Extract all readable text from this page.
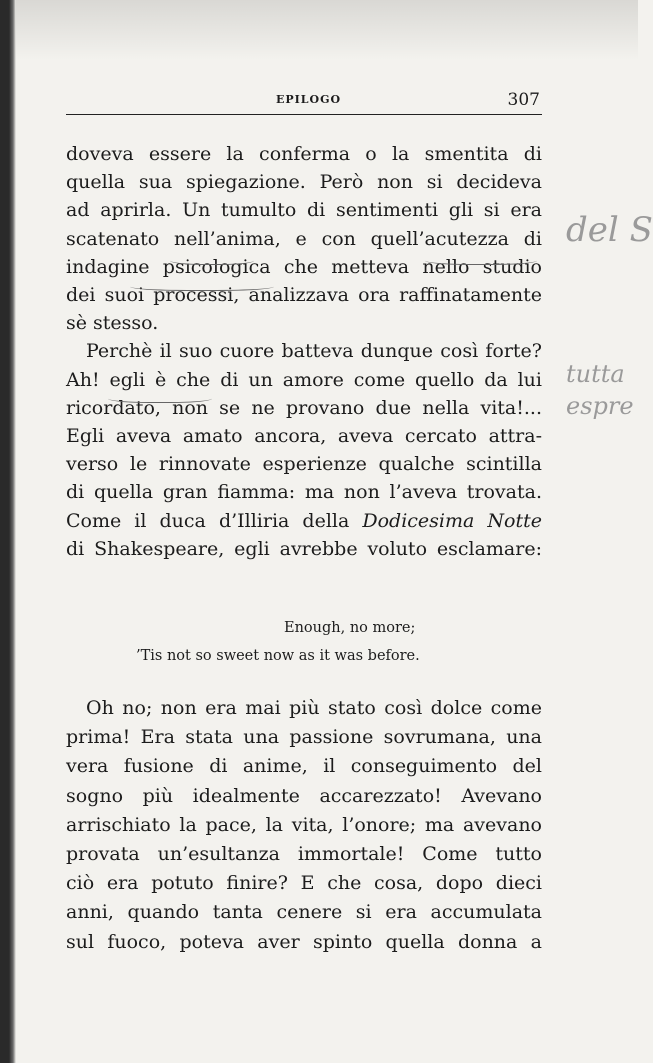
EPILOGO	307
doveva essere la conferma o la smentita di
quella sua spiegazione. Però non si decideva
ad aprirla. Un tumulto di sentimenti gli si era
scatenato nell’anima, e con quell’acutezza di
indagine psicologica che metteva nello studio
dei suoi processi, analizzava ora raffinatamente
sè stesso.
Perchè il suo cuore batteva dunque così forte?
Ah! egli è che di un amore come quello da lui
ricordato, non se ne provano due nella vita!...
Egli aveva amato ancora, aveva cercato attra-
verso le rinnovate esperienze qualche scintilla
di quella gran fiamma: ma non l’aveva trovata.
Come il duca d’Illiria della Dodicesima Notte
di Shakespeare, egli avrebbe voluto esclamare:
Enough, no more;
’Tis not so sweet now as it was before.
Oh no; non era mai più stato così dolce come
prima! Era stata una passione sovrumana, una
vera fusione di anime, il conseguimento del
sogno più idealmente accarezzato! Avevano
arrischiato la pace, la vita, l’onore; ma avevano
provata un’esultanza immortale! Come tutto
ciò era potuto finire? E che cosa, dopo dieci
anni, quando tanta cenere si era accumulata
sul fuoco, poteva aver spinto quella donna a
del S
tutta
espre
